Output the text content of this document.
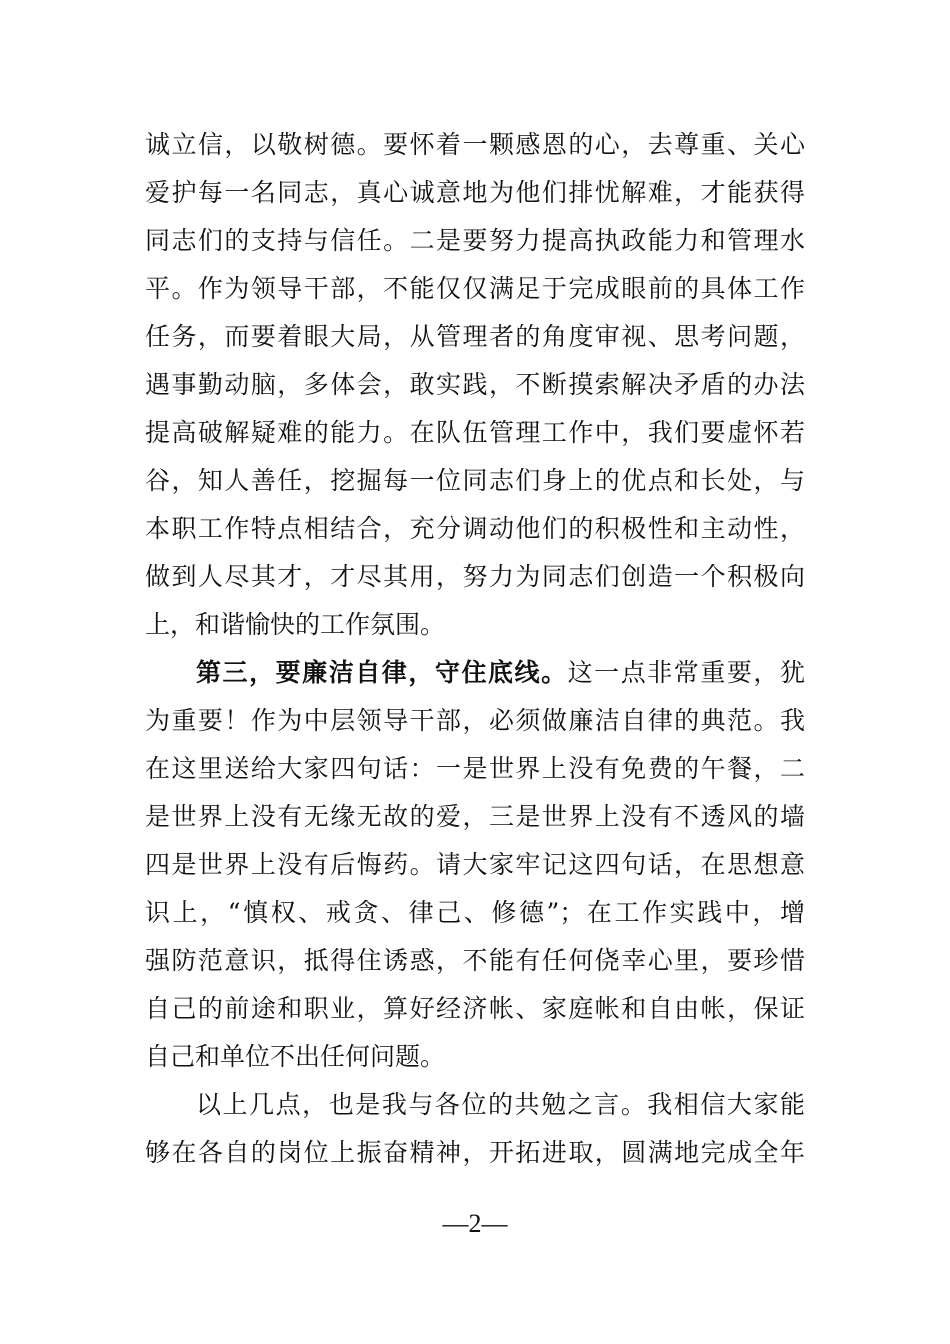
诚立信，以敬树德。要怀着一颗感恩的心，去尊重、关心
爱护每一名同志，真心诚意地为他们排忧解难，才能获得
同志们的支持与信任。二是要努力提高执政能力和管理水
平。作为领导干部，不能仅仅满足于完成眼前的具体工作
任务，而要着眼大局，从管理者的角度审视、思考问题，
遇事勤动脑，多体会，敢实践，不断摸索解决矛盾的办法
提高破解疑难的能力。在队伍管理工作中，我们要虚怀若
谷，知人善任，挖掘每一位同志们身上的优点和长处，与
本职工作特点相结合，充分调动他们的积极性和主动性，
做到人尽其才，才尽其用，努力为同志们创造一个积极向
上，和谐愉快的工作氛围。
第三，要廉洁自律，守住底线。这一点非常重要，犹
为重要！作为中层领导干部，必须做廉洁自律的典范。我
在这里送给大家四句话：一是世界上没有免费的午餐，二
是世界上没有无缘无故的爱，三是世界上没有不透风的墙
四是世界上没有后悔药。请大家牢记这四句话，在思想意
识上，“慎权、戒贪、律己、修德”；在工作实践中，增
强防范意识，抵得住诱惑，不能有任何侥幸心里，要珍惜
自己的前途和职业，算好经济帐、家庭帐和自由帐，保证
自己和单位不出任何问题。
以上几点，也是我与各位的共勉之言。我相信大家能
够在各自的岗位上振奋精神，开拓进取，圆满地完成全年
—2—
